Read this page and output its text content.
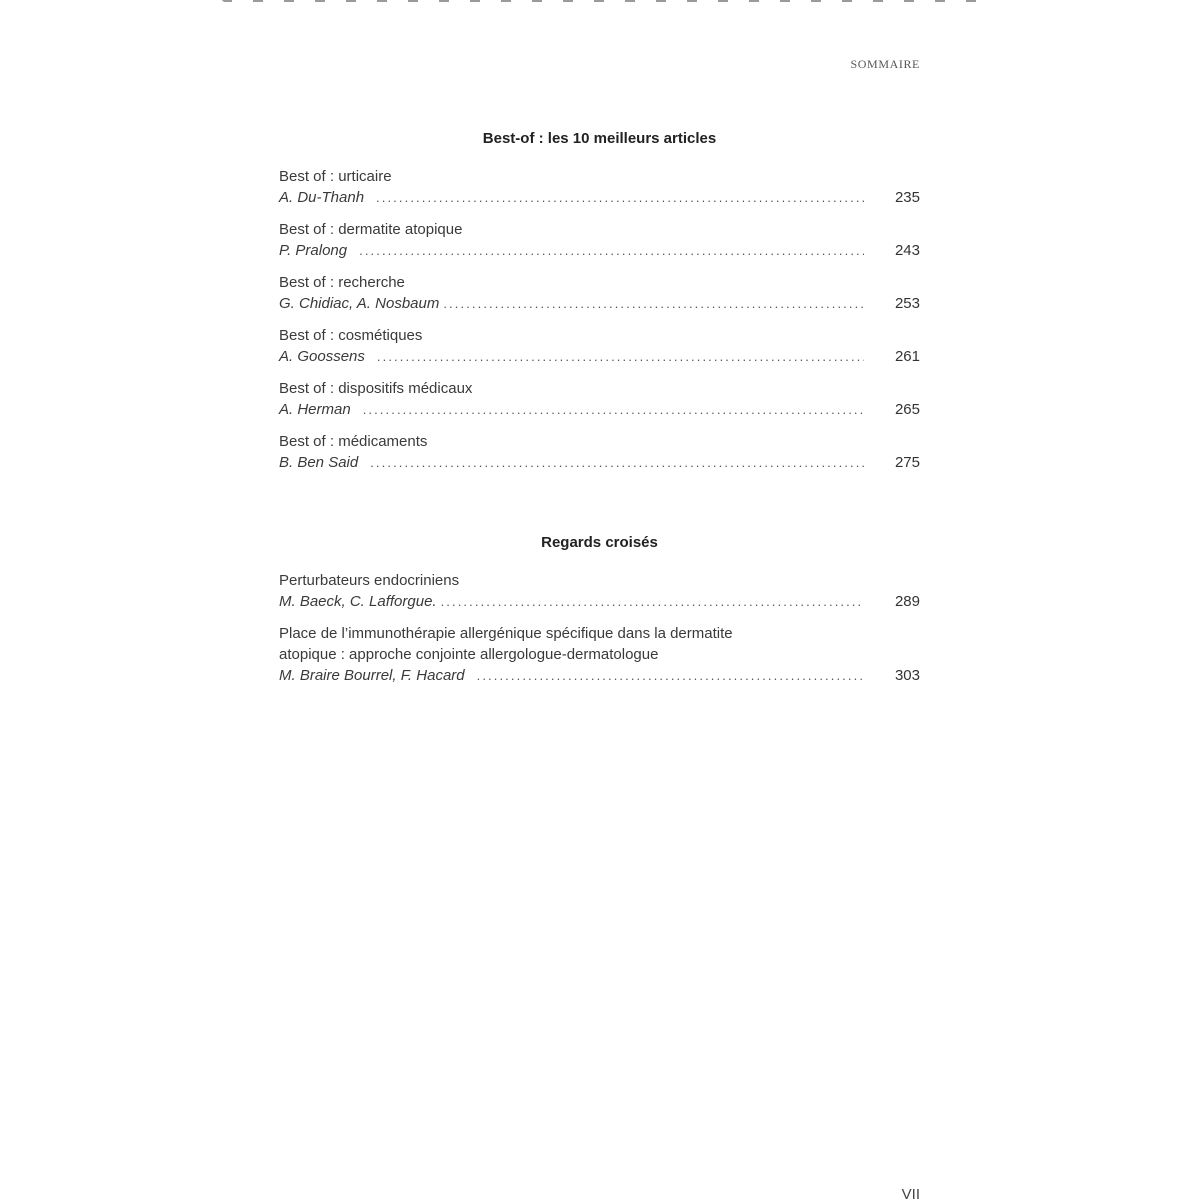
SOMMAIRE
Best-of : les 10 meilleurs articles
Best of : urticaire
A. Du-Thanh .....	235
Best of : dermatite atopique
P. Pralong .....	243
Best of : recherche
G. Chidiac, A. Nosbaum .....	253
Best of : cosmétiques
A. Goossens .....	261
Best of : dispositifs médicaux
A. Herman .....	265
Best of : médicaments
B. Ben Said .....	275
Regards croisés
Perturbateurs endocriniens
M. Baeck, C. Lafforgue. .....	289
Place de l’immunothérapie allergénique spécifique dans la dermatite
atopique : approche conjointe allergologue-dermatologue
M. Braire Bourrel, F. Hacard .....	303
VII
